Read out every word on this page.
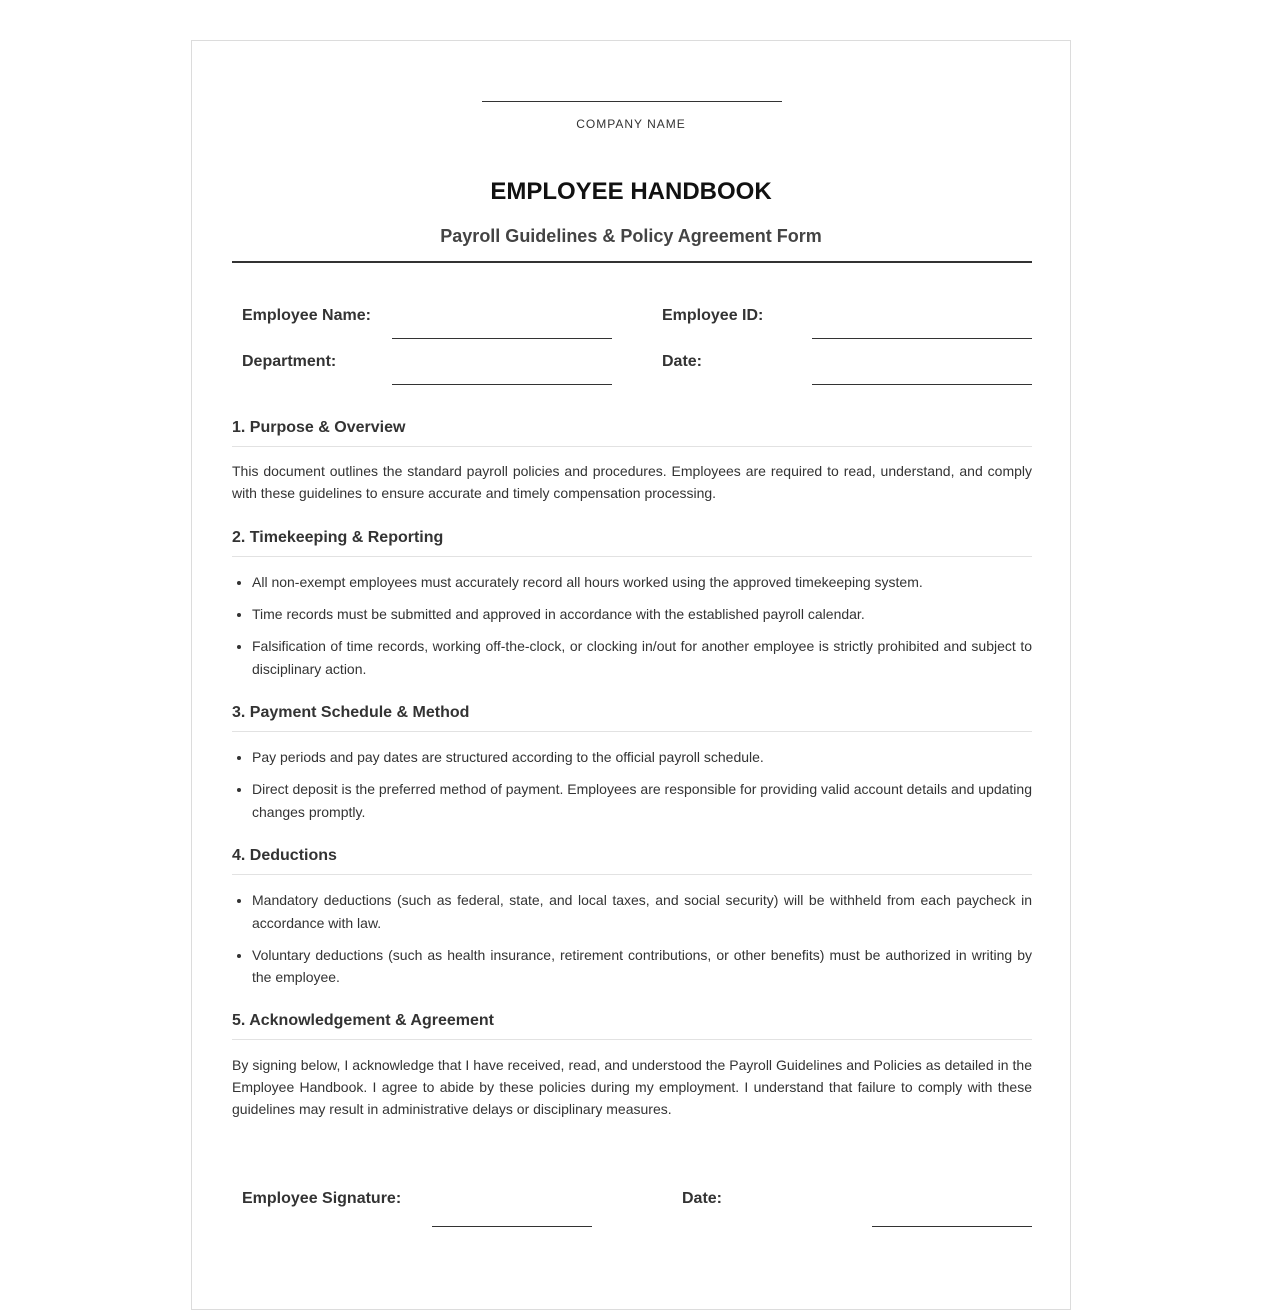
COMPANY NAME
EMPLOYEE HANDBOOK
Payroll Guidelines & Policy Agreement Form
Employee Name:	Employee ID:
Department:	Date:
1. Purpose & Overview
This document outlines the standard payroll policies and procedures. Employees are required to read, understand, and comply with these guidelines to ensure accurate and timely compensation processing.
2. Timekeeping & Reporting
• All non-exempt employees must accurately record all hours worked using the approved timekeeping system.
• Time records must be submitted and approved in accordance with the established payroll calendar.
• Falsification of time records, working off-the-clock, or clocking in/out for another employee is strictly prohibited and subject to disciplinary action.
3. Payment Schedule & Method
• Pay periods and pay dates are structured according to the official payroll schedule.
• Direct deposit is the preferred method of payment. Employees are responsible for providing valid account details and updating changes promptly.
4. Deductions
• Mandatory deductions (such as federal, state, and local taxes, and social security) will be withheld from each paycheck in accordance with law.
• Voluntary deductions (such as health insurance, retirement contributions, or other benefits) must be authorized in writing by the employee.
5. Acknowledgement & Agreement
By signing below, I acknowledge that I have received, read, and understood the Payroll Guidelines and Policies as detailed in the Employee Handbook. I agree to abide by these policies during my employment. I understand that failure to comply with these guidelines may result in administrative delays or disciplinary measures.
Employee Signature:	Date:
